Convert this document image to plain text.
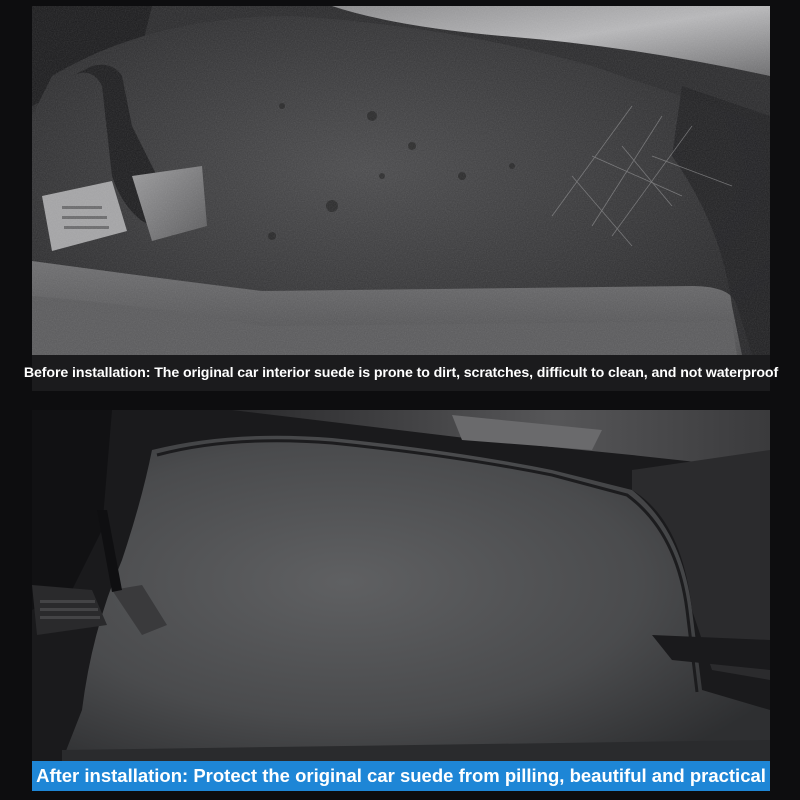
Before installation: The original car interior suede is prone to dirt, scratches, difficult to clean, and not waterproof
After installation: Protect the original car suede from pilling, beautiful and practical
